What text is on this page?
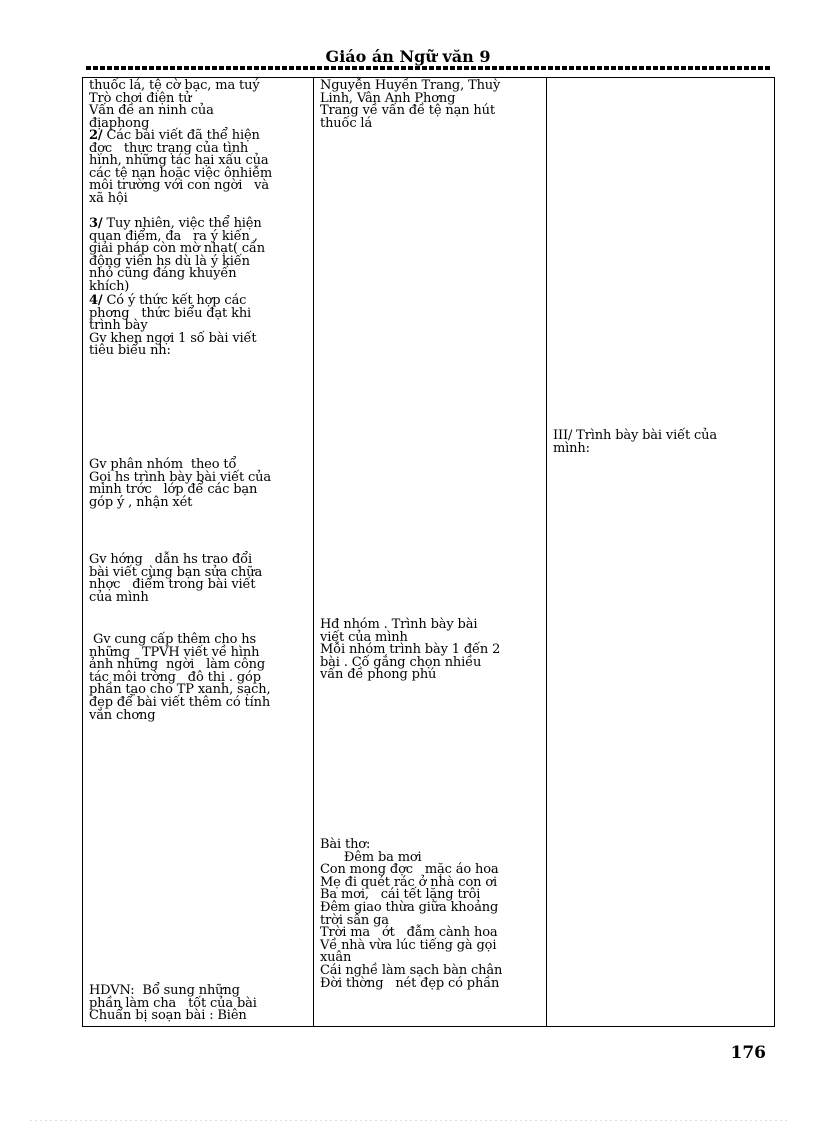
Giáo án Ngữ văn 9
thuốc lá, tệ cờ bạc, ma tuý
Trò chơi điện tử
Vấn đề an ninh của
địaphong
2/ Các bài viết đã thể hiện
đợc   thực trạng của tình
hình, những tác hại xấu của
các tệ nạn hoặc việc ônhiễm
môi trường với con ngời   và
xã hội
3/ Tuy nhiên, việc thể hiện
quan điểm, đa   ra ý kiến ,
giải pháp còn mờ nhạt( cần
động viên hs dù là ý kiến
nhỏ cũng đáng khuyến
khích)
4/ Có ý thức kết hợp các
phơng   thức biểu đạt khi
trình bày
Gv khen ngợi 1 số bài viết
tiêu biểu nh:
Gv phân nhóm  theo tổ
Gọi hs trình bày bài viết của
mình trớc   lớp để các bạn
góp ý , nhận xét
Gv hớng   dẫn hs trao đổi
bài viết cùng bạn sửa chữa
nhợc   điểm trong bài viết
của mình
Gv cung cấp thêm cho hs
những   TPVH viết về hình
ảnh những  ngời   làm công
tác môi trờng   đô thị . góp
phần tạo cho TP xanh, sạch,
đẹp để bài viết thêm có tính
văn chơng
HDVN:  Bổ sung những
phần làm cha   tốt của bài
Chuẩn bị soạn bài : Biên
Nguyễn Huyền Trang, Thuỳ
Linh, Vân Anh Phơng
Trang về vấn đề tệ nạn hút
thuốc lá
Hđ nhóm . Trình bày bài
viết của mình
Mỗi nhóm trình bày 1 đến 2
bài . Cố gắng chọn nhiều
vấn đề phong phú
Bài thơ:
Đêm ba mơi
Con mong đợc   mặc áo hoa
Mẹ đi quét rác ở nhà con ơi
Ba mơi,   cái tết lặng trôi
Đêm giao thừa giữa khoảng
trời sân ga
Trời ma   ớt   đẫm cành hoa
Về nhà vừa lúc tiếng gà gọi
xuân
Cái nghề làm sạch bàn chân
Đời thờng   nét đẹp có phần
III/ Trình bày bài viết của
mình:
176
